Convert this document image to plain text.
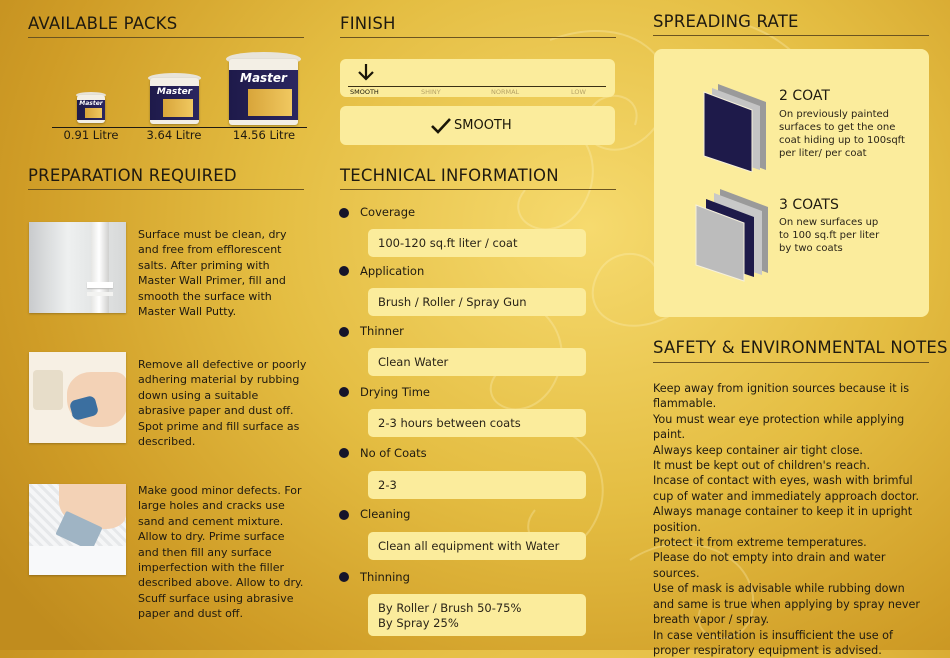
AVAILABLE PACKS
Master
0.91 Litre
Master
3.64 Litre
Master
14.56 Litre
PREPARATION REQUIRED
Surface must be clean, dry and free from efflorescent salts. After priming with Master Wall Primer, fill and smooth the surface with Master Wall Putty.
Remove all defective or poorly adhering material by rubbing down using a suitable abrasive paper and dust off. Spot prime and fill surface as described.
Make good minor defects. For large holes and cracks use sand and cement mixture. Allow to dry. Prime surface and then fill any surface imperfection with the filler described above. Allow to dry. Scuff surface using abrasive paper and dust off.
FINISH
SMOOTH	SHINY	NORMAL	LOW
SMOOTH
TECHNICAL INFORMATION
Coverage
100-120 sq.ft liter / coat
Application
Brush / Roller / Spray Gun
Thinner
Clean Water
Drying Time
2-3 hours between coats
No of Coats
2-3
Cleaning
Clean all equipment with Water
Thinning
By Roller / Brush 50-75%
By Spray 25%
SPREADING RATE
2 COAT
On previously painted surfaces to get the one coat hiding up to 100sqft per liter/ per coat
3 COATS
On new surfaces up to 100 sq.ft per liter by two coats
SAFETY & ENVIRONMENTAL NOTES
Keep away from ignition sources because it is flammable.
You must wear eye protection while applying paint.
Always keep container air tight close.
It must be kept out of children's reach.
Incase of contact with eyes, wash with brimful cup of water and immediately approach doctor.
Always manage container to keep it in upright position.
Protect it from extreme temperatures.
Please do not empty into drain and water sources.
Use of mask is advisable while rubbing down and same is true when applying by spray never breath vapor / spray.
In case ventilation is insufficient the use of proper respiratory equipment is advised.
